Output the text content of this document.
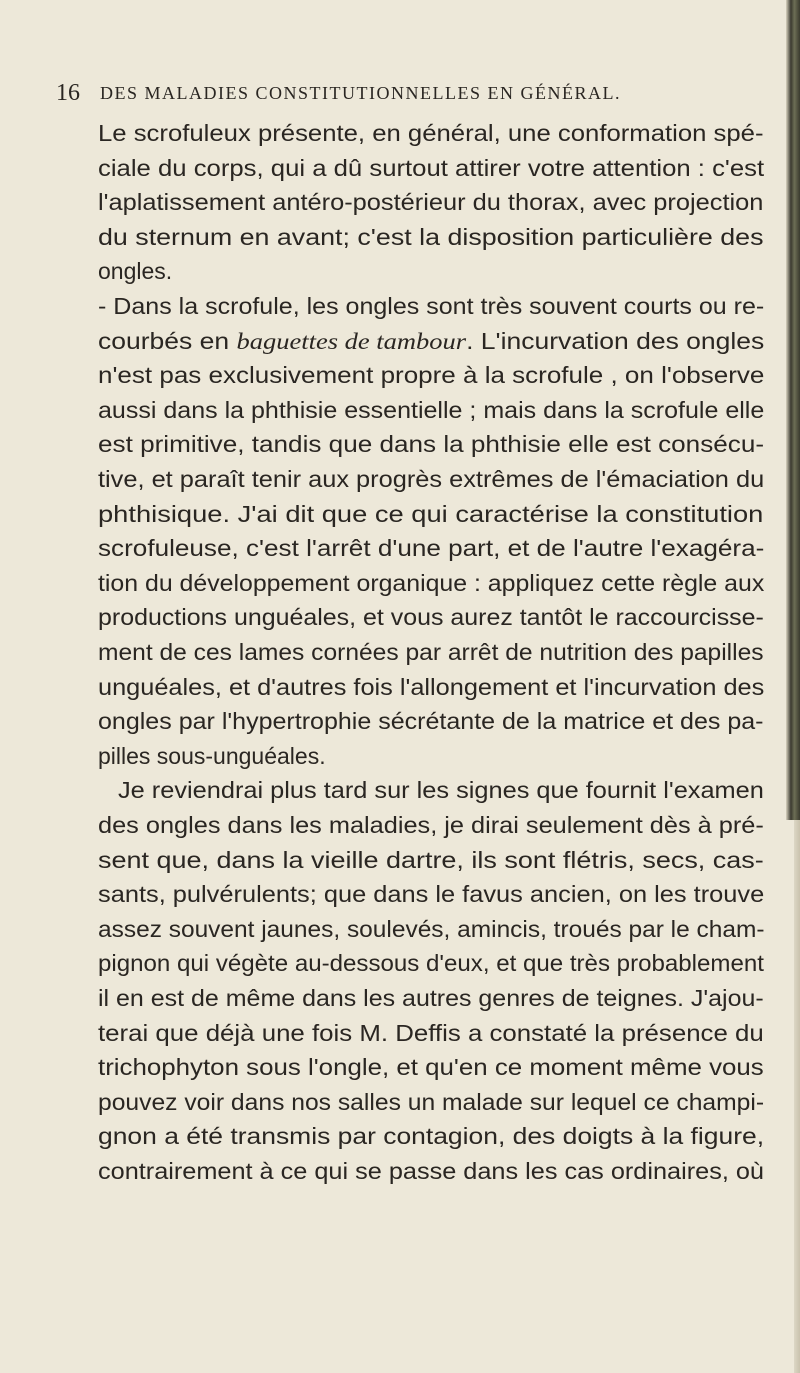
16 DES MALADIES CONSTITUTIONNELLES EN GÉNÉRAL.
Le scrofuleux présente, en général, une conformation spé-
ciale du corps, qui a dû surtout attirer votre attention : c'est
l'aplatissement antéro-postérieur du thorax, avec projection
du sternum en avant; c'est la disposition particulière des
ongles.
- Dans la scrofule, les ongles sont très souvent courts ou re-
courbés en baguettes de tambour. L'incurvation des ongles
n'est pas exclusivement propre à la scrofule , on l'observe
aussi dans la phthisie essentielle ; mais dans la scrofule elle
est primitive, tandis que dans la phthisie elle est consécu-
tive, et paraît tenir aux progrès extrêmes de l'émaciation du
phthisique. J'ai dit que ce qui caractérise la constitution
scrofuleuse, c'est l'arrêt d'une part, et de l'autre l'exagéra-
tion du développement organique : appliquez cette règle aux
productions unguéales, et vous aurez tantôt le raccourcisse-
ment de ces lames cornées par arrêt de nutrition des papilles
unguéales, et d'autres fois l'allongement et l'incurvation des
ongles par l'hypertrophie sécrétante de la matrice et des pa-
pilles sous-unguéales.
Je reviendrai plus tard sur les signes que fournit l'examen
des ongles dans les maladies, je dirai seulement dès à pré-
sent que, dans la vieille dartre, ils sont flétris, secs, cas-
sants, pulvérulents; que dans le favus ancien, on les trouve
assez souvent jaunes, soulevés, amincis, troués par le cham-
pignon qui végète au-dessous d'eux, et que très probablement
il en est de même dans les autres genres de teignes. J'ajou-
terai que déjà une fois M. Deffis a constaté la présence du
trichophyton sous l'ongle, et qu'en ce moment même vous
pouvez voir dans nos salles un malade sur lequel ce champi-
gnon a été transmis par contagion, des doigts à la figure,
contrairement à ce qui se passe dans les cas ordinaires, où
